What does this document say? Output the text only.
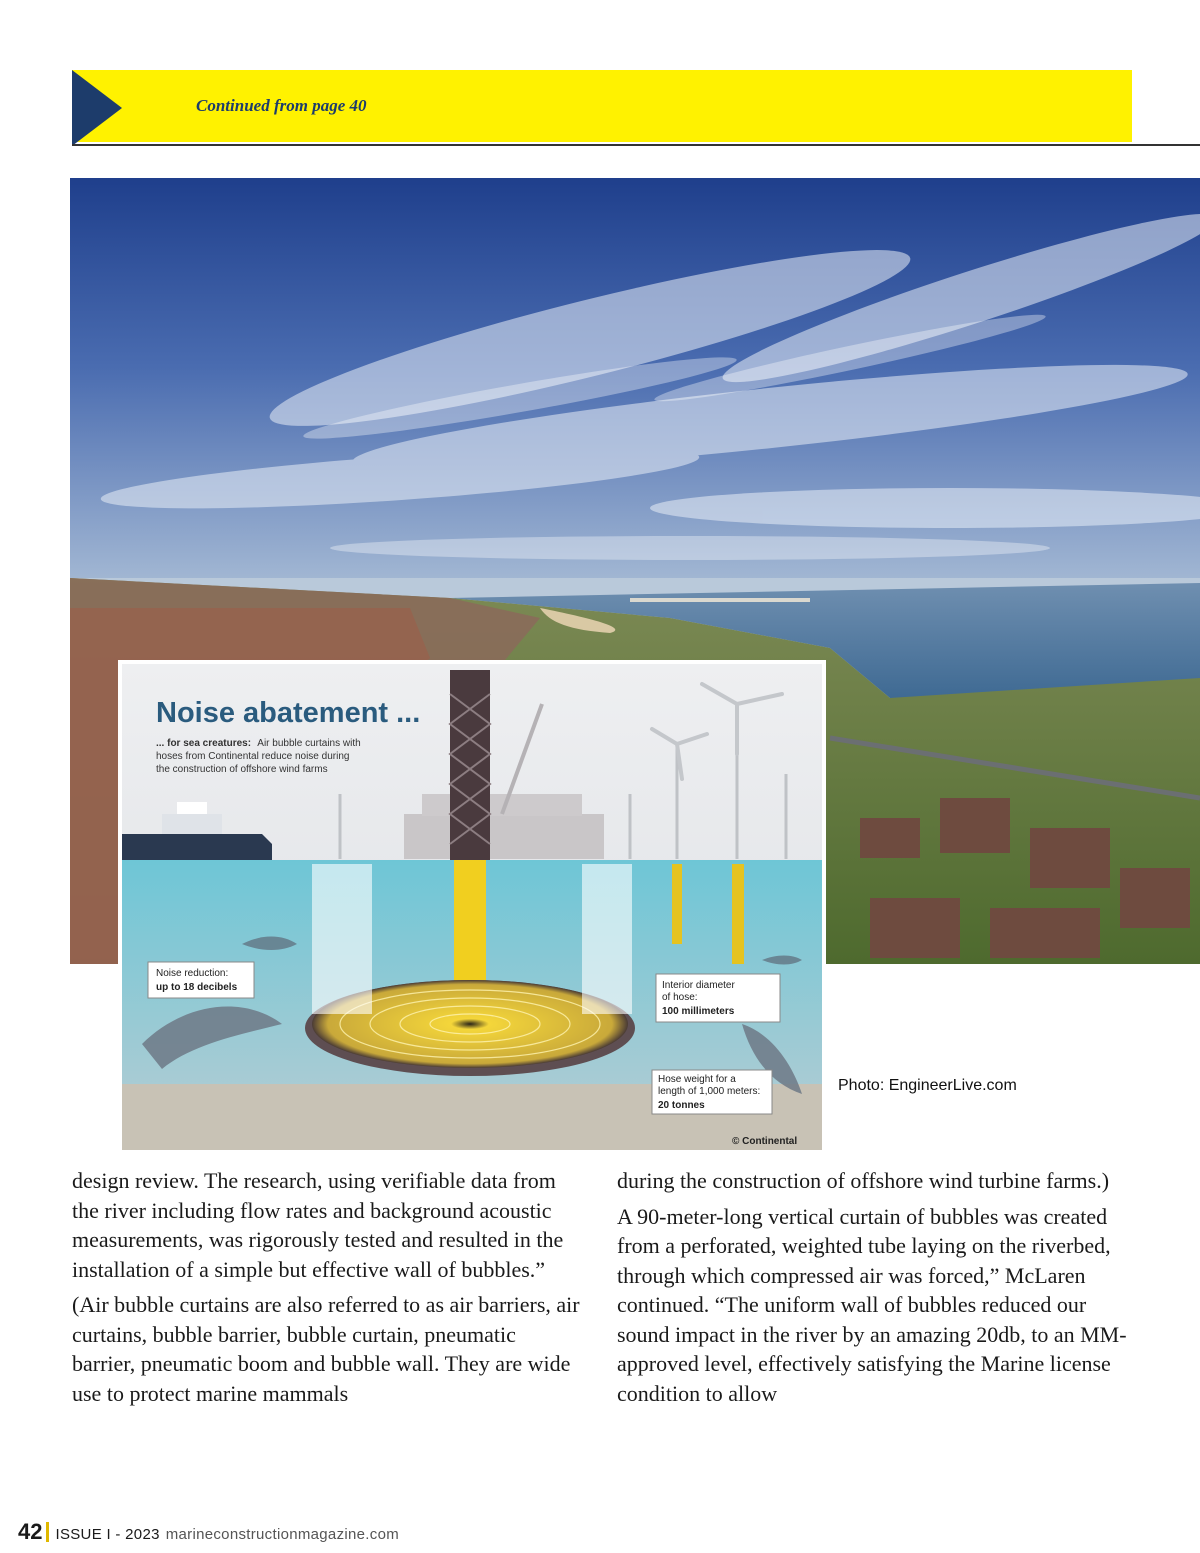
Continued from page 40
Noise abatement ...
... for sea creatures: Air bubble curtains with
hoses from Continental reduce noise during
the construction of offshore wind farms
Noise reduction:
up to 18 decibels	Interior diameter
of hose:
100 millimeters
Hose weight for a
length of 1,000 meters:
20 tonnes
© Continental
Photo: EngineerLive.com

design review. The research, using verifiable data from the river including flow rates and background acoustic measurements, was rigorously tested and resulted in the installation of a simple but effective wall of bubbles.”

(Air bubble curtains are also referred to as air barriers, air curtains, bubble barrier, bubble curtain, pneumatic barrier, pneumatic boom and bubble wall. They are wide use to protect marine mammals

during the construction of offshore wind turbine farms.)

A 90-meter-long vertical curtain of bubbles was created from a perforated, weighted tube laying on the riverbed, through which compressed air was forced,” McLaren continued. “The uniform wall of bubbles reduced our sound impact in the river by an amazing 20db, to an MM-approved level, effectively satisfying the Marine license condition to allow

42 ISSUE I - 2023 marineconstructionmagazine.com
